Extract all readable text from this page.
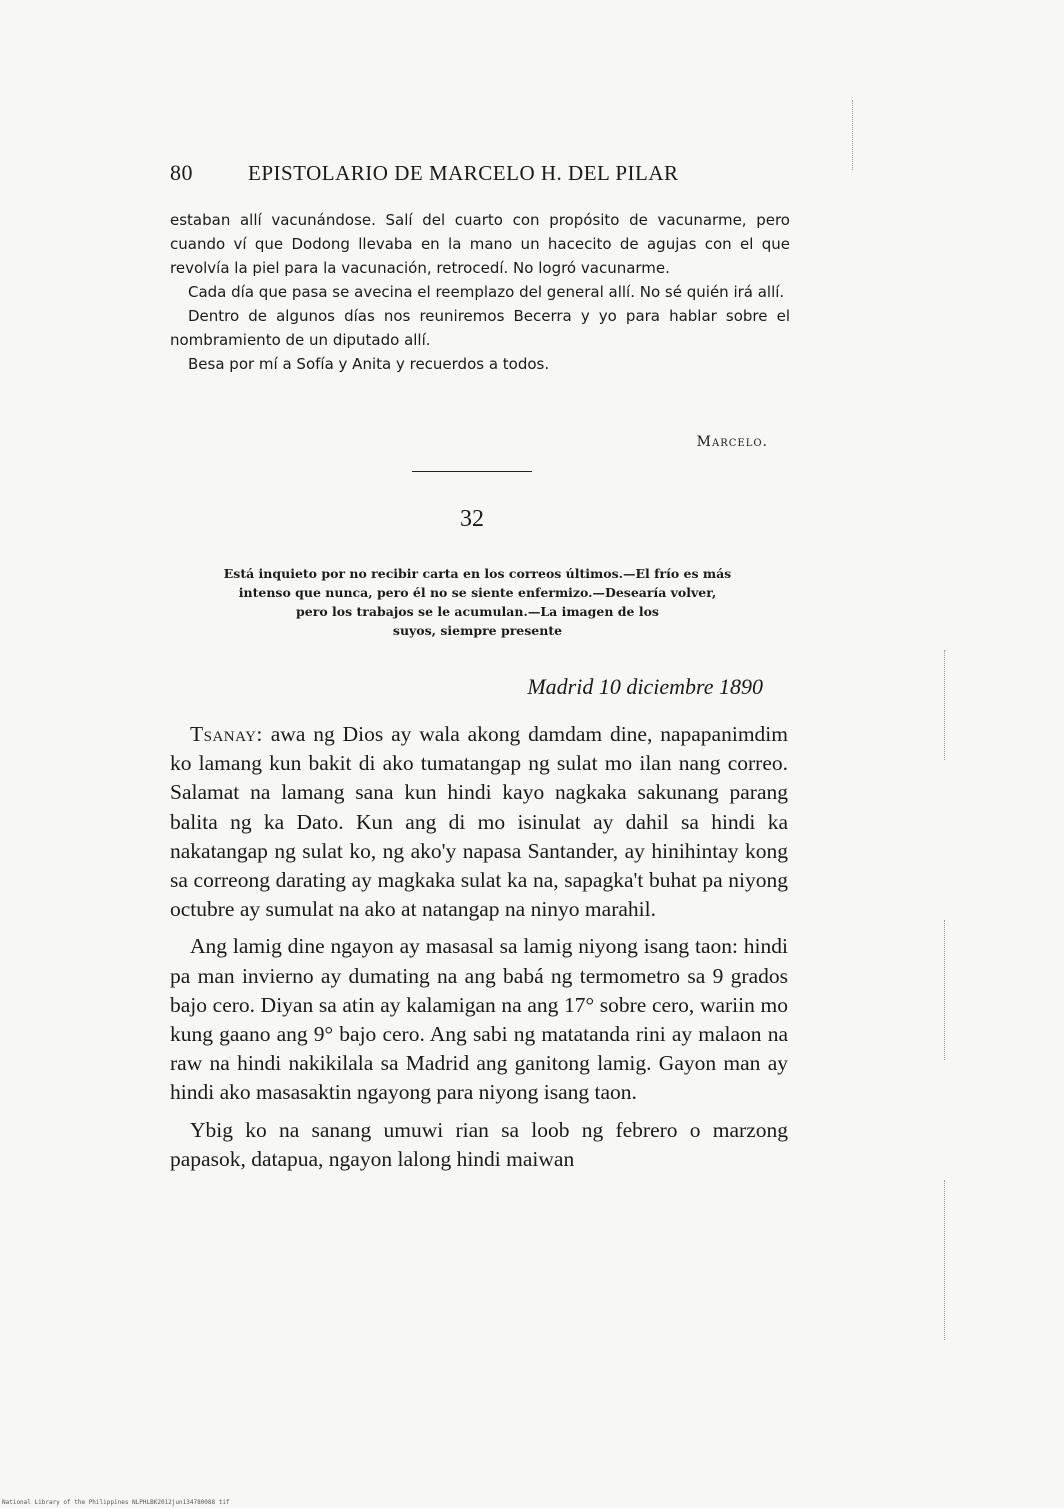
80	EPISTOLARIO DE MARCELO H. DEL PILAR

estaban allí vacunándose. Salí del cuarto con propósito de vacunarme, pero cuando ví que Dodong llevaba en la mano un hacecito de agujas con el que revolvía la piel para la vacunación, retrocedí. No logró vacunarme.

Cada día que pasa se avecina el reemplazo del general allí. No sé quién irá allí.

Dentro de algunos días nos reuniremos Becerra y yo para hablar sobre el nombramiento de un diputado allí.

Besa por mí a Sofía y Anita y recuerdos a todos.

Marcelo.
32
Está inquieto por no recibir carta en los correos últimos.—El frío es más
intenso que nunca, pero él no se siente enfermizo.—Desearía volver,
pero los trabajos se le acumulan.—La imagen de los
suyos, siempre presente
Madrid 10 diciembre 1890

Tsanay: awa ng Dios ay wala akong damdam dine, napapanimdim ko lamang kun bakit di ako tumatangap ng sulat mo ilan nang correo. Salamat na lamang sana kun hindi kayo nagkaka sakunang parang balita ng ka Dato. Kun ang di mo isinulat ay dahil sa hindi ka nakatangap ng sulat ko, ng ako'y napasa Santander, ay hinihintay kong sa correong darating ay magkaka sulat ka na, sapagka't buhat pa niyong octubre ay sumulat na ako at natangap na ninyo marahil.

Ang lamig dine ngayon ay masasal sa lamig niyong isang taon: hindi pa man invierno ay dumating na ang babá ng termometro sa 9 grados bajo cero. Diyan sa atin ay kalamigan na ang 17° sobre cero, wariin mo kung gaano ang 9° bajo cero. Ang sabi ng matatanda rini ay malaon na raw na hindi nakikilala sa Madrid ang ganitong lamig. Gayon man ay hindi ako masasaktin ngayong para niyong isang taon.

Ybig ko na sanang umuwi rian sa loob ng febrero o marzong papasok, datapua, ngayon lalong hindi maiwan

National Library of the Philippines NLPHLBK2012jun134780088 tif
